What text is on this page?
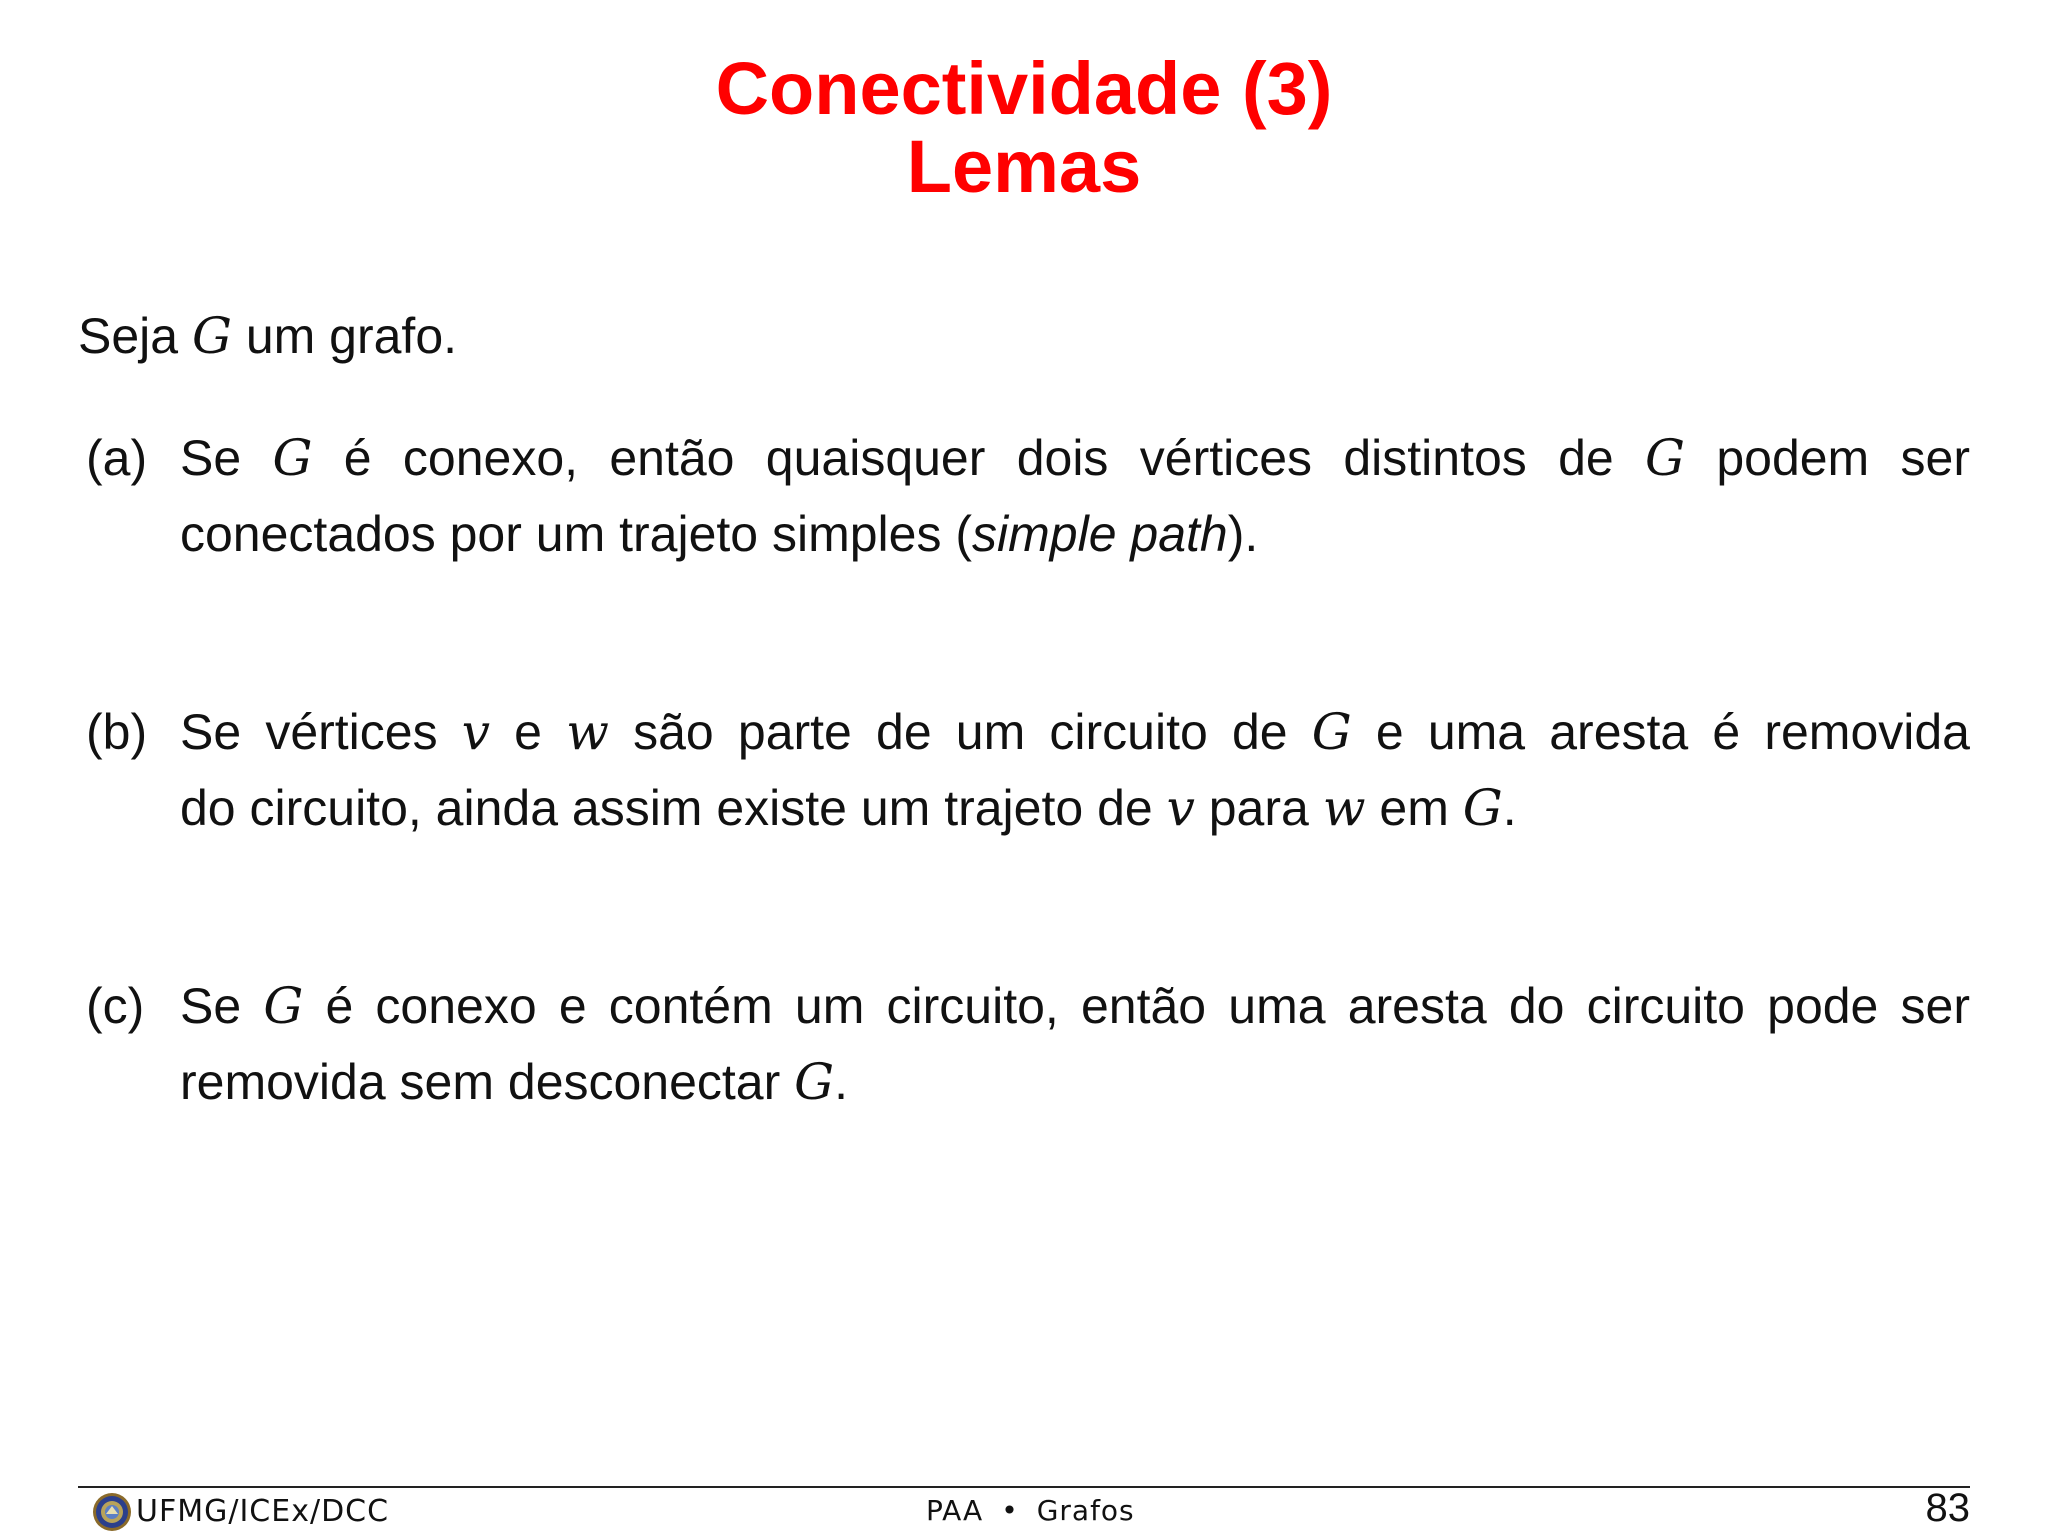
Conectividade (3)
Lemas
Seja G um grafo.
(a) Se G é conexo, então quaisquer dois vértices distintos de G podem ser
conectados por um trajeto simples (simple path).
(b) Se vértices v e w são parte de um circuito de G e uma aresta é removida
do circuito, ainda assim existe um trajeto de v para w em G.
(c) Se G é conexo e contém um circuito, então uma aresta do circuito pode ser
removida sem desconectar G.
UFMG/ICEx/DCC	PAA • Grafos	83
